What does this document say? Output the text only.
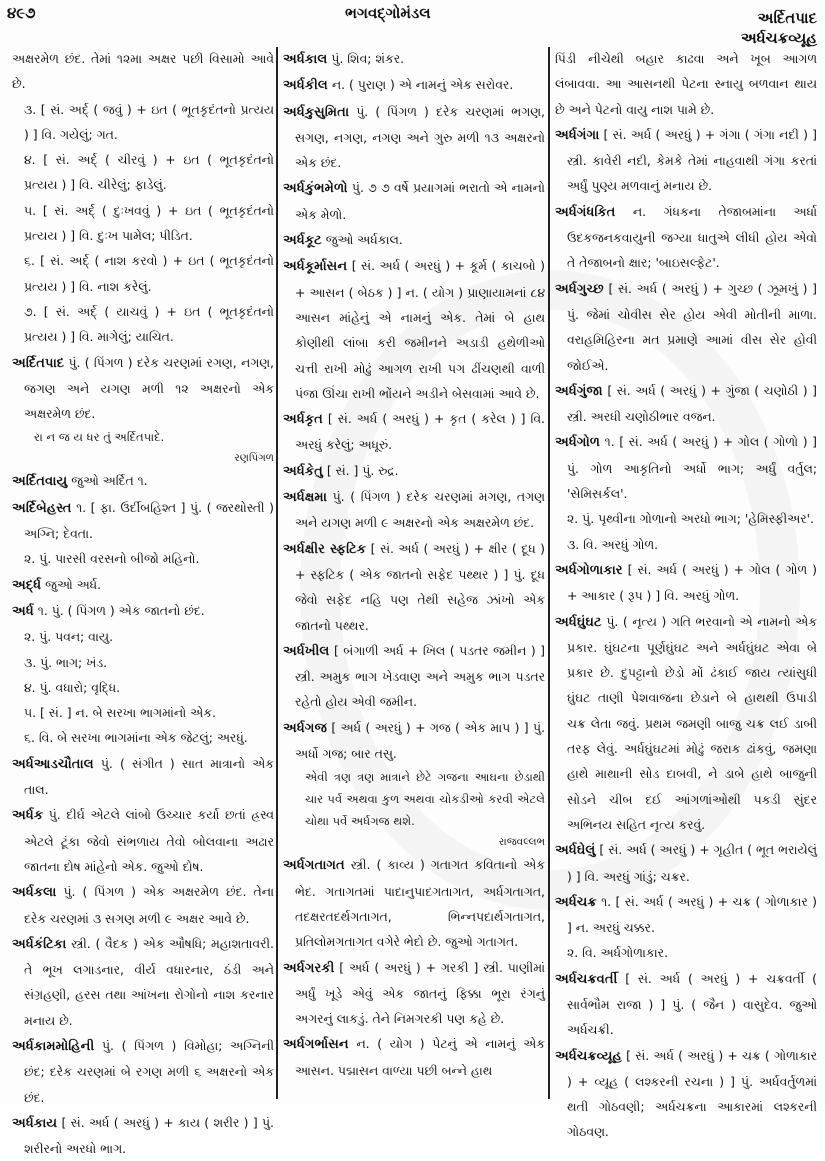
૪૯૭	ભગવદ્ગોમંડલ	અર્દિતપાદ
અર્ધચક્રવ્યૂહ

અક્ષરમેળ છંદ. તેમાં ૧૨મા અક્ષર પછી વિસામો આવે છે.

૩. [ સં. અર્દ્ ( જવું ) + ઇત ( ભૂતકૃદંતનો પ્રત્યય ) ] વિ. ગયેલું; ગત.

૪. [ સં. અર્દ્ ( ચીરવું ) + ઇત ( ભૂતકૃદંતનો પ્રત્યય ) ] વિ. ચીરેલું; ફાડેલું.

૫. [ સં. અર્દ્ ( દુઃખવવું ) + ઇત ( ભૂતકૃદંતનો પ્રત્યય ) ] વિ. દુઃખ પામેલ; પીડિત.

૬. [ સં. અર્દ્ ( નાશ કરવો ) + ઇત ( ભૂતકૃદંતનો પ્રત્યય ) ] વિ. નાશ કરેલું.

૭. [ સં. અર્દ્ ( યાચવું ) + ઇત ( ભૂતકૃદંતનો પ્રત્યય ) ] વિ. માગેલું; યાચિત.

અર્દિતપાદ પું. ( પિંગળ ) દરેક ચરણમાં રગણ, નગણ, જગણ અને યગણ મળી ૧૨ અક્ષરનો એક અક્ષરમેળ છંદ.

રા ન જ ય ધર તું અર્દિતપાદે.

રણપિંગળ

અર્દિતવાયુ જુઓ અર્દિત ૧.

અર્દિબેહસ્ત ૧. [ ફા. ઉર્દીબહિશ્ત ] પું. ( જરથોસ્તી ) અગ્નિ; દેવતા.

૨. પું. પારસી વરસનો બીજો મહિનો.

અર્દ્ધ જુઓ અર્ધ.

અર્ધ ૧. પું. ( પિંગળ ) એક જાતનો છંદ.

૨. પું. પવન; વાયુ.

૩. પું. ભાગ; ખંડ.

૪. પું. વધારો; વૃદ્ધિ.

૫. [ સં. ] ન. બે સરખા ભાગમાંનો એક.

૬. વિ. બે સરખા ભાગમાંના એક જેટલું; અરધું.

અર્ધઆડચૌતાલ પું. ( સંગીત ) સાત માત્રાનો એક તાલ.

અર્ધક પું. દીર્ઘ એટલે લાંબો ઉચ્ચાર કર્યા છતાં હ્રસ્વ એટલે ટૂંકા જેવો સંભળાય તેવો બોલવાના અઢાર જાતના દોષ માંહેનો એક. જુઓ દોષ.

અર્ધકલા પું. ( પિંગળ ) એક અક્ષરમેળ છંદ. તેના દરેક ચરણમાં ૩ સગણ મળી ૯ અક્ષર આવે છે.

અર્ધકંટિકા સ્ત્રી. ( વૈદક ) એક ઔષધિ; મહાશતાવરી. તે ભૂખ લગાડનાર, વીર્ય વધારનાર, ઠંડી અને સંગ્રહણી, હરસ તથા આંખના રોગોનો નાશ કરનાર મનાય છે.

અર્ધકામમોહિની પું. ( પિંગળ ) વિમોહા; અગ્નિની છંદ; દરેક ચરણમાં બે રગણ મળી ૬ અક્ષરનો એક છંદ.

અર્ધકાય [ સં. અર્ધ ( અરધું ) + કાય ( શરીર ) ] પું. શરીરનો અરધો ભાગ.

અર્ધકાલ પું. શિવ; શંકર.

અર્ધકીલ ન. ( પુરાણ ) એ નામનું એક સરોવર.

અર્ધકુસુમિતા પું. ( પિંગળ ) દરેક ચરણમાં ભગણ, સગણ, નગણ, નગણ અને ગુરુ મળી ૧૩ અક્ષરનો એક છંદ.

અર્ધકુંભમેળો પું. ૭ ૭ વર્ષે પ્રયાગમાં ભરાતો એ નામનો એક મેળો.

અર્ધકૂટ જુઓ અર્ધકાલ.

અર્ધકૂર્માસન [ સં. અર્ધ ( અરધું ) + કૂર્મ ( કાચબો ) + આસન ( બેઠક ) ] ન. ( યોગ ) પ્રાણાયામનાં ૮૪ આસન માંહેનું એ નામનું એક. તેમાં બે હાથ કોણીથી લાંબા કરી જમીનને અડાડી હથેળીઓ ચત્તી રાખી મોઢું આગળ રાખી પગ ઢીંચણથી વાળી પંજા ઊંચા રાખી ભોંયને અડીને બેસવામાં આવે છે.

અર્ધકૃત [ સં. અર્ધ ( અરધું ) + કૃત ( કરેલ ) ] વિ. અરધું કરેલું; અધૂરું.

અર્ધકેતુ [ સં. ] પું. રુદ્ર.

અર્ધક્ષમા પું. ( પિંગળ ) દરેક ચરણમાં મગણ, તગણ અને યગણ મળી ૯ અક્ષરનો એક અક્ષરમેળ છંદ.

અર્ધક્ષીર સ્ફટિક [ સં. અર્ધ ( અરધું ) + ક્ષીર ( દૂધ ) + સ્ફટિક ( એક જાતનો સફેદ પથ્થર ) ] પું. દૂધ જેવો સફેદ નહિ પણ તેથી સહેજ ઝાંખો એક જાતનો પથ્થર.

અર્ધખીલ [ બંગાળી અર્ધ + ખિલ ( પડતર જમીન ) ] સ્ત્રી. અમુક ભાગ ખેડવાણ અને અમુક ભાગ પડતર રહેતો હોય એવી જમીન.

અર્ધગજ [ અર્ધ ( અરધું ) + ગજ ( એક માપ ) ] પું. અર્ધો ગજ; બાર તસુ.

એવી ત્રણ ત્રણ માત્રાને છેટે ગજના આઘના છેડાથી ચાર પર્વ અથવા કુળ અથવા ચોકડીઓ કરવી એટલે ચોથા પર્વે અર્ધગજ થશે.

રાજવલ્લભ

અર્ધગતાગત સ્ત્રી. ( કાવ્ય ) ગતાગત કવિતાનો એક ભેદ. ગતાગતમાં પાદાનુપાદગતાગત, અર્ધગતાગત, તદક્ષરતદર્થગતાગત, ભિન્નપદાર્થગતાગત, પ્રતિલોમગતાગત વગેરે ભેદો છે. જુઓ ગતાગત.

અર્ધગરકી [ અર્ધ ( અરધું ) + ગરકી ] સ્ત્રી. પાણીમાં અર્ધું ખૂડે એવું એક જાતનું ફિક્કા ભૂરા રંગનું અગરનું લાકડું. તેને નિમગરકી પણ કહે છે.

અર્ધગર્ભાસન ન. ( યોગ ) પેટનું એ નામનું એક આસન. પદ્માસન વાળ્યા પછી બન્ને હાથ

પિંડી નીચેથી બહાર કાઢવા અને ખૂબ આગળ લંબાવવા. આ આસનથી પેટના સ્નાયુ બળવાન થાય છે અને પેટનો વાયુ નાશ પામે છે.

અર્ધગંગા [ સં. અર્ધ ( અરધું ) + ગંગા ( ગંગા નદી ) ] સ્ત્રી. કાવેરી નદી, કેમકે તેમાં નાહવાથી ગંગા કરતાં અર્ધું પુણ્ય મળવાનું મનાય છે.

અર્ધગંધકિત ન. ગંધકના તેજાબમાંના અર્ધા ઉદકજનકવાયુની જગ્યા ધાતુએ લીધી હોય એવો તે તેજાબનો ક્ષાર; 'બાઇસલ્ફેટ'.

અર્ધગુચ્છ [ સં. અર્ધ ( અરધું ) + ગુચ્છ ( ઝૂમખું ) ] પું. જેમાં ચોવીસ સેર હોય એવી મોતીની માળા. વરાહમિહિરના મત પ્રમાણે આમાં વીસ સેર હોવી જોઈએ.

અર્ધગુંજા [ સં. અર્ધ ( અરધું ) + ગુંજા ( ચણોઠી ) ] સ્ત્રી. અરધી ચણોઠીભાર વજન.

અર્ધગોળ ૧. [ સં. અર્ધ ( અરધું ) + ગોલ ( ગોળો ) ] પું. ગોળ આકૃતિનો અર્ધો ભાગ; અર્ધું વર્તુલ; 'સેમિસર્કલ'.

૨. પું. પૃથ્વીના ગોળાનો અરધો ભાગ; 'હેમિસ્ફીઅર'.

૩. વિ. અરધું ગોળ.

અર્ધગોળાકાર [ સં. અર્ધ ( અરધું ) + ગોલ ( ગોળ ) + આકાર ( રૂપ ) ] વિ. અરધું ગોળ.

અર્ધઘુંઘટ પું. ( નૃત્ય ) ગતિ ભરવાનો એ નામનો એક પ્રકાર. ઘુંઘટના પૂર્ણઘુંઘટ અને અર્ધઘુંઘટ એવા બે પ્રકાર છે. દુપટ્ટાનો છેડો મોં ઢંકાઈ જાય ત્યાંસુધી ઘુંઘટ તાણી પેશવાજના છેડાને બે હાથથી ઉપાડી ચક્ર લેતા જવું. પ્રથમ જમણી બાજુ ચક્ર લઈ ડાબી તરફ લેવું. અર્ધઘુંઘટમાં મોઢું જરાક ઢાંકવું, જમણા હાથે માથાની સોડ દાબવી, ને ડાબે હાથે બાજુની સોડને ચીબ દઈ આંગળાંઓથી પકડી સુંદર અભિનય સહિત નૃત્ય કરવું.

અર્ધઘેલું [ સં. અર્ધ ( અરધું ) + ગૃહીત ( ભૂત ભરાયેલું ) ] વિ. અરધું ગાંડું; ચક્રર.

અર્ધચક્ર ૧. [ સં. અર્ધ ( અરધું ) + ચક્ર ( ગોળાકાર ) ] ન. અરધું ચક્કર.

૨. વિ. અર્ધગોળાકાર.

અર્ધચક્રવર્તી [ સં. અર્ધ ( અરધું ) + ચક્રવર્તી ( સાર્વભૌમ રાજા ) ] પું. ( જૈન ) વાસુદેવ. જુઓ અર્ધચક્રી.

અર્ધચક્રવ્યૂહ [ સં. અર્ધ ( અરધું ) + ચક્ર ( ગોળાકાર ) + વ્યૂહ ( લશ્કરની રચના ) ] પું. અર્ધવર્તુળમાં થતી ગોઠવણી; અર્ધચક્રના આકારમાં લશ્કરની ગોઠવણ.
